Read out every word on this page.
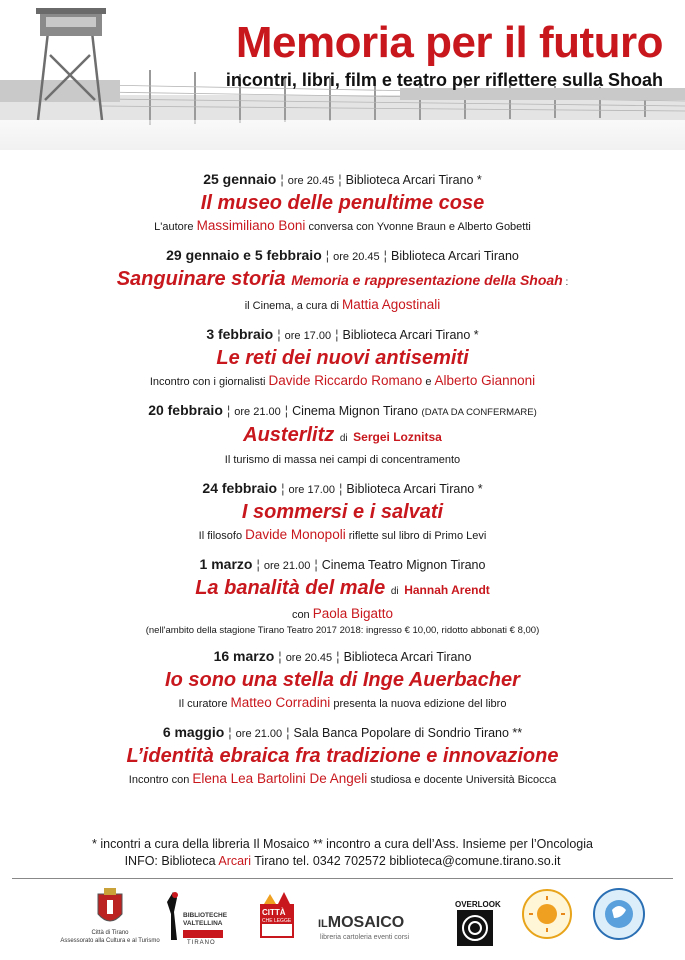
Memoria per il futuro
incontri, libri, film e teatro per riflettere sulla Shoah
25 gennaio ¦ ore 20.45 ¦ Biblioteca Arcari Tirano *
Il museo delle penultime cose
L'autore Massimiliano Boni conversa con Yvonne Braun e Alberto Gobetti
29 gennaio e 5 febbraio ¦ ore 20.45 ¦ Biblioteca Arcari Tirano
Sanguinare storia Memoria e rappresentazione della Shoah :
il Cinema, a cura di Mattia Agostinali
3 febbraio ¦ ore 17.00 ¦ Biblioteca Arcari Tirano *
Le reti dei nuovi antisemiti
Incontro con i giornalisti Davide Riccardo Romano e Alberto Giannoni
20 febbraio ¦ ore 21.00 ¦ Cinema Mignon Tirano (DATA DA CONFERMARE)
Austerlitz di Sergei Loznitsa
Il turismo di massa nei campi di concentramento
24 febbraio ¦ ore 17.00 ¦ Biblioteca Arcari Tirano *
I sommersi e i salvati
Il filosofo Davide Monopoli riflette sul libro di Primo Levi
1 marzo ¦ ore 21.00 ¦ Cinema Teatro Mignon Tirano
La banalità del male di Hannah Arendt
con Paola Bigatto
(nell'ambito della stagione Tirano Teatro 2017 2018: ingresso € 10,00, ridotto abbonati € 8,00)
16 marzo ¦ ore 20.45 ¦ Biblioteca Arcari Tirano
Io sono una stella di Inge Auerbacher
Il curatore Matteo Corradini presenta la nuova edizione del libro
6 maggio ¦ ore 21.00 ¦ Sala Banca Popolare di Sondrio Tirano **
L’identità ebraica fra tradizione e innovazione
Incontro con Elena Lea Bartolini De Angeli studiosa e docente Università Bicocca
* incontri a cura della libreria Il Mosaico ** incontro a cura dell’Ass. Insieme per l’Oncologia
INFO: Biblioteca Arcari Tirano tel. 0342 702572 biblioteca@comune.tirano.so.it
Città di Tirano
Assessorato alla Cultura e al Turismo
BIBLIOTECHE
VALTELLINA
TIRANO
CITTÀ
CHE LEGGE ILMOSAICO
libreria cartoleria eventi corsi
OVERLOOK
